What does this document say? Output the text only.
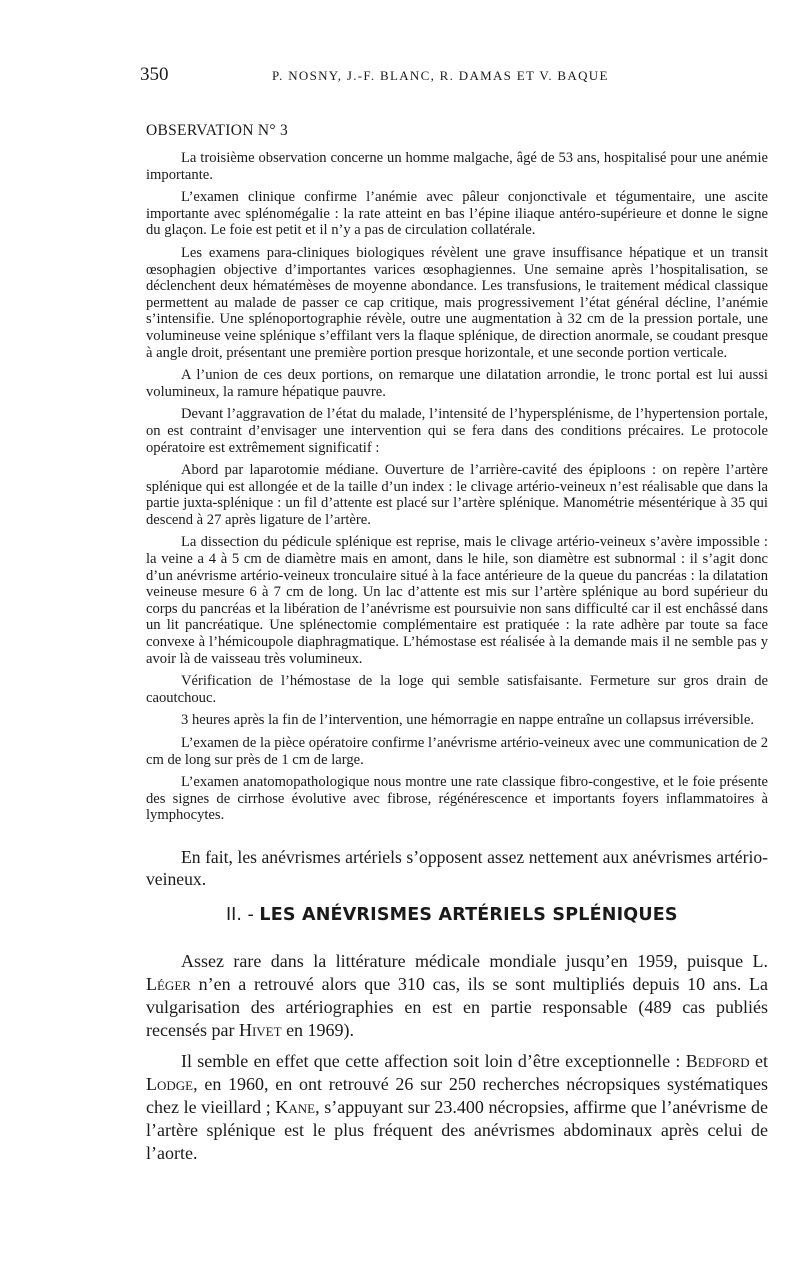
350	P. NOSNY, J.-F. BLANC, R. DAMAS ET V. BAQUE
OBSERVATION N° 3

La troisième observation concerne un homme malgache, âgé de 53 ans, hospitalisé pour une anémie importante.

L’examen clinique confirme l’anémie avec pâleur conjonctivale et tégumentaire, une ascite importante avec splénomégalie : la rate atteint en bas l’épine iliaque antéro-supérieure et donne le signe du glaçon. Le foie est petit et il n’y a pas de circulation collatérale.

Les examens para-cliniques biologiques révèlent une grave insuffisance hépatique et un transit œsophagien objective d’importantes varices œsophagiennes. Une semaine après l’hospitalisation, se déclenchent deux hématémèses de moyenne abondance. Les transfusions, le traitement médical classique permettent au malade de passer ce cap critique, mais progressivement l’état général décline, l’anémie s’intensifie. Une splénoportographie révèle, outre une augmentation à 32 cm de la pression portale, une volumineuse veine splénique s’effilant vers la flaque splénique, de direction anormale, se coudant presque à angle droit, présentant une première portion presque horizontale, et une seconde portion verticale.

A l’union de ces deux portions, on remarque une dilatation arrondie, le tronc portal est lui aussi volumineux, la ramure hépatique pauvre.

Devant l’aggravation de l’état du malade, l’intensité de l’hypersplénisme, de l’hypertension portale, on est contraint d’envisager une intervention qui se fera dans des conditions précaires. Le protocole opératoire est extrêmement significatif :

Abord par laparotomie médiane. Ouverture de l’arrière-cavité des épiploons : on repère l’artère splénique qui est allongée et de la taille d’un index : le clivage artério-veineux n’est réalisable que dans la partie juxta-splénique : un fil d’attente est placé sur l’artère splénique. Manométrie mésentérique à 35 qui descend à 27 après ligature de l’artère.

La dissection du pédicule splénique est reprise, mais le clivage artério-veineux s’avère impossible : la veine a 4 à 5 cm de diamètre mais en amont, dans le hile, son diamètre est subnormal : il s’agit donc d’un anévrisme artério-veineux tronculaire situé à la face antérieure de la queue du pancréas : la dilatation veineuse mesure 6 à 7 cm de long. Un lac d’attente est mis sur l’artère splénique au bord supérieur du corps du pancréas et la libération de l’anévrisme est poursuivie non sans difficulté car il est enchâssé dans un lit pancréatique. Une splénectomie complémentaire est pratiquée : la rate adhère par toute sa face convexe à l’hémicoupole diaphragmatique. L’hémostase est réalisée à la demande mais il ne semble pas y avoir là de vaisseau très volumineux.

Vérification de l’hémostase de la loge qui semble satisfaisante. Fermeture sur gros drain de caoutchouc.

3 heures après la fin de l’intervention, une hémorragie en nappe entraîne un collapsus irréversible.

L’examen de la pièce opératoire confirme l’anévrisme artério-veineux avec une communication de 2 cm de long sur près de 1 cm de large.

L’examen anatomopathologique nous montre une rate classique fibro-congestive, et le foie présente des signes de cirrhose évolutive avec fibrose, régénérescence et importants foyers inflammatoires à lymphocytes.

En fait, les anévrismes artériels s’opposent assez nettement aux anévrismes artério-veineux.

II. - LES ANÉVRISMES ARTÉRIELS SPLÉNIQUES

Assez rare dans la littérature médicale mondiale jusqu’en 1959, puisque L. Léger n’en a retrouvé alors que 310 cas, ils se sont multipliés depuis 10 ans. La vulgarisation des artériographies en est en partie responsable (489 cas publiés recensés par Hivet en 1969).

Il semble en effet que cette affection soit loin d’être exceptionnelle : Bedford et Lodge, en 1960, en ont retrouvé 26 sur 250 recherches nécropsiques systématiques chez le vieillard ; Kane, s’appuyant sur 23.400 nécropsies, affirme que l’anévrisme de l’artère splénique est le plus fréquent des anévrismes abdominaux après celui de l’aorte.
